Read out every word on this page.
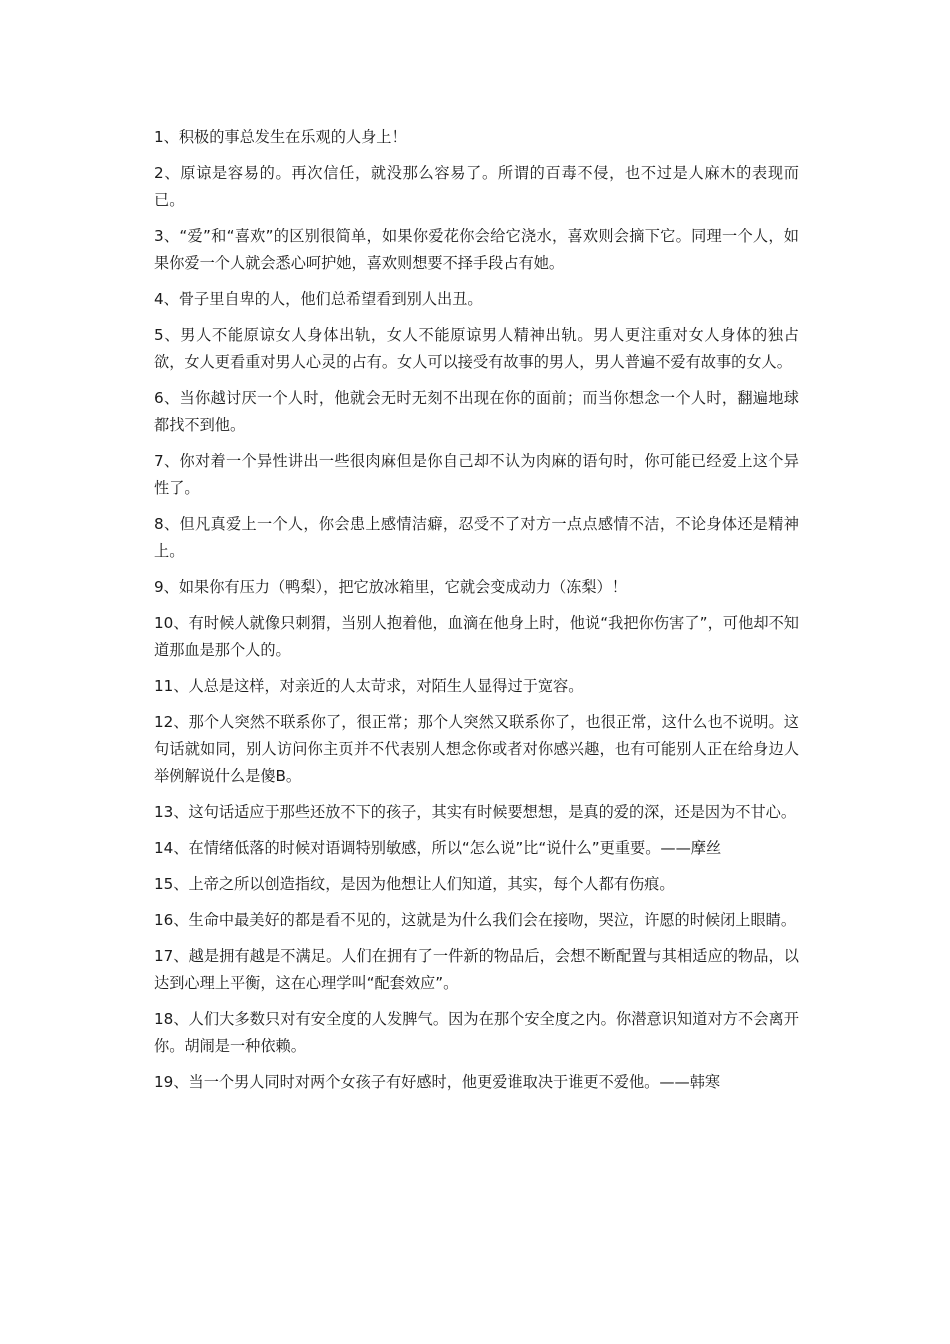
1、积极的事总发生在乐观的人身上！

2、原谅是容易的。再次信任，就没那么容易了。所谓的百毒不侵，也不过是人麻木的表现而已。

3、“爱”和“喜欢”的区别很简单，如果你爱花你会给它浇水，喜欢则会摘下它。同理一个人，如果你爱一个人就会悉心呵护她，喜欢则想要不择手段占有她。

4、骨子里自卑的人，他们总希望看到别人出丑。

5、男人不能原谅女人身体出轨，女人不能原谅男人精神出轨。男人更注重对女人身体的独占欲，女人更看重对男人心灵的占有。女人可以接受有故事的男人，男人普遍不爱有故事的女人。

6、当你越讨厌一个人时，他就会无时无刻不出现在你的面前；而当你想念一个人时，翻遍地球都找不到他。

7、你对着一个异性讲出一些很肉麻但是你自己却不认为肉麻的语句时，你可能已经爱上这个异性了。

8、但凡真爱上一个人，你会患上感情洁癖，忍受不了对方一点点感情不洁，不论身体还是精神上。

9、如果你有压力（鸭梨），把它放冰箱里，它就会变成动力（冻梨）！

10、有时候人就像只刺猬，当别人抱着他，血滴在他身上时，他说“我把你伤害了”，可他却不知道那血是那个人的。

11、人总是这样，对亲近的人太苛求，对陌生人显得过于宽容。

12、那个人突然不联系你了，很正常；那个人突然又联系你了，也很正常，这什么也不说明。这句话就如同，别人访问你主页并不代表别人想念你或者对你感兴趣，也有可能别人正在给身边人举例解说什么是傻B。

13、这句话适应于那些还放不下的孩子，其实有时候要想想，是真的爱的深，还是因为不甘心。

14、在情绪低落的时候对语调特别敏感，所以“怎么说”比“说什么”更重要。——摩丝

15、上帝之所以创造指纹，是因为他想让人们知道，其实，每个人都有伤痕。

16、生命中最美好的都是看不见的，这就是为什么我们会在接吻，哭泣，许愿的时候闭上眼睛。

17、越是拥有越是不满足。人们在拥有了一件新的物品后，会想不断配置与其相适应的物品，以达到心理上平衡，这在心理学叫“配套效应”。

18、人们大多数只对有安全度的人发脾气。因为在那个安全度之内。你潜意识知道对方不会离开你。胡闹是一种依赖。

19、当一个男人同时对两个女孩子有好感时，他更爱谁取决于谁更不爱他。——韩寒
